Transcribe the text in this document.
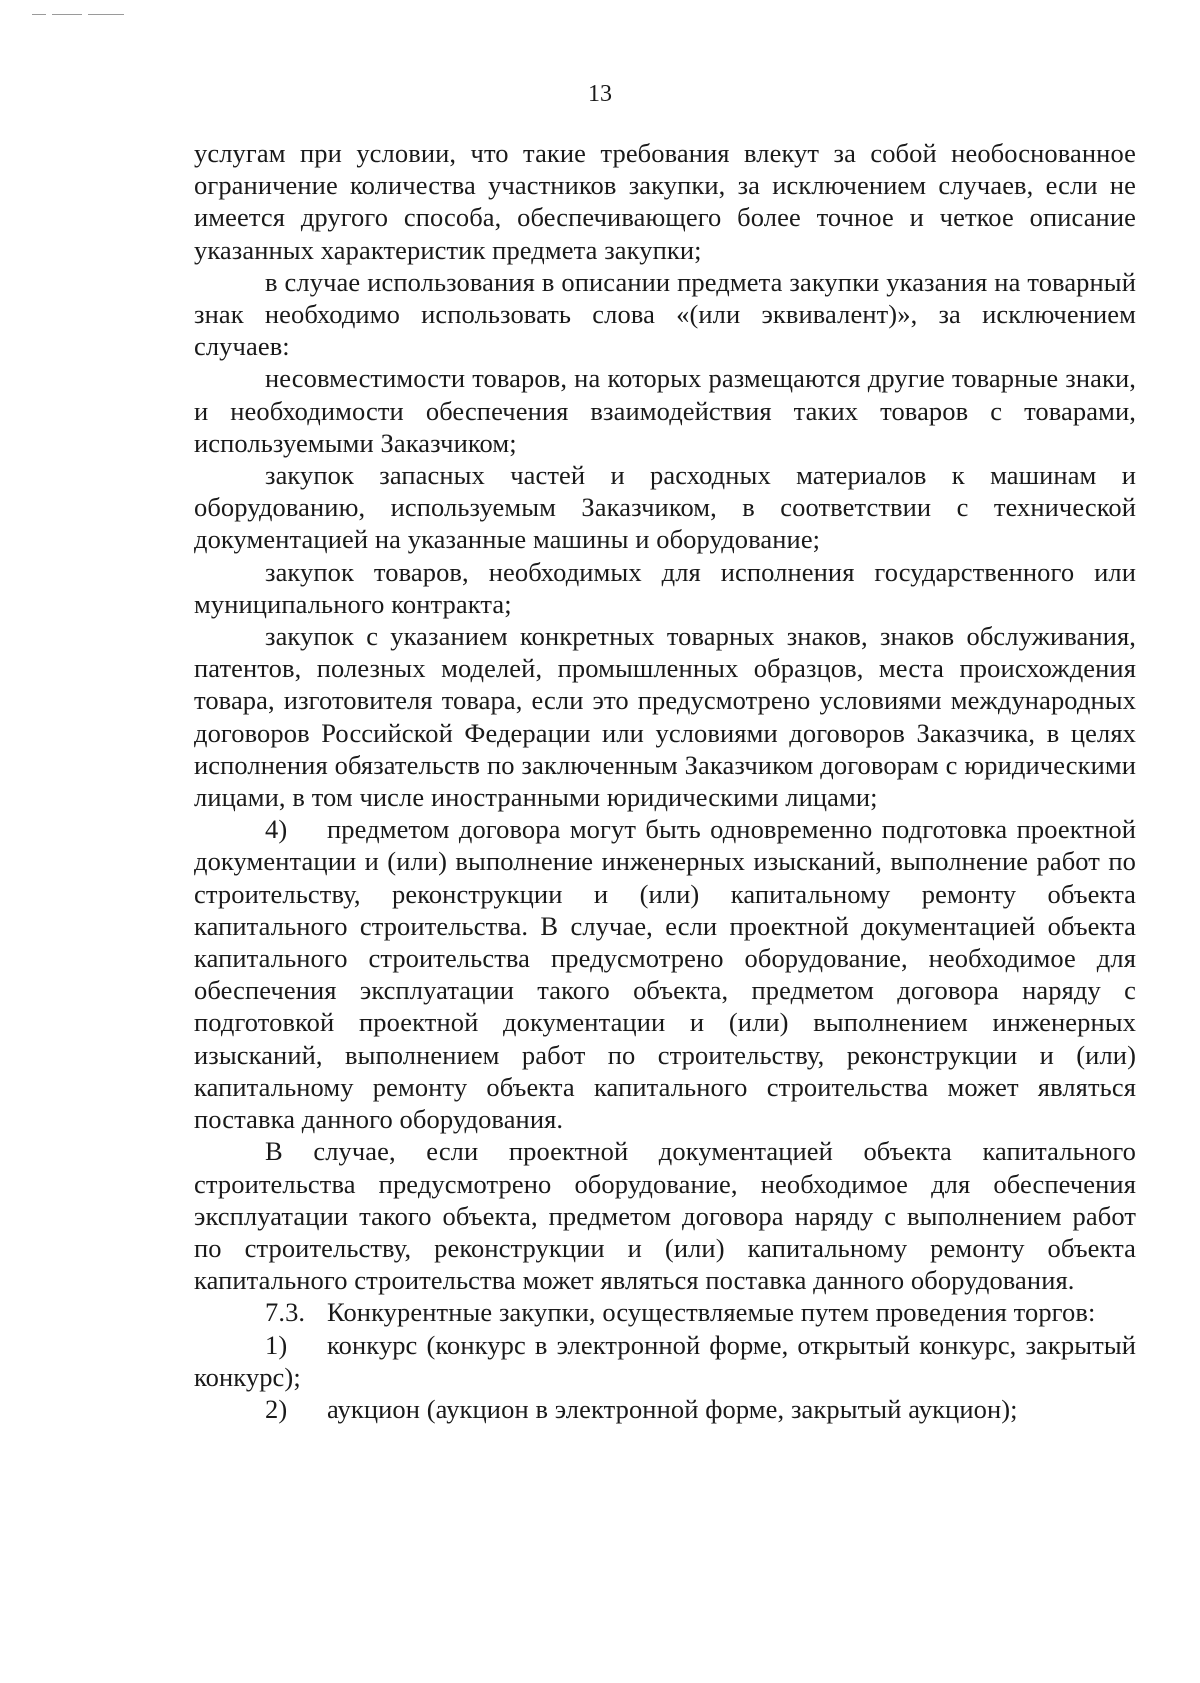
13

услугам при условии, что такие требования влекут за собой необоснованное ограничение количества участников закупки, за исключением случаев, если не имеется другого способа, обеспечивающего более точное и четкое описание указанных характеристик предмета закупки;

в случае использования в описании предмета закупки указания на товарный знак необходимо использовать слова «(или эквивалент)», за исключением случаев:

несовместимости товаров, на которых размещаются другие товарные знаки, и необходимости обеспечения взаимодействия таких товаров с товарами, используемыми Заказчиком;

закупок запасных частей и расходных материалов к машинам и оборудованию, используемым Заказчиком, в соответствии с технической документацией на указанные машины и оборудование;

закупок товаров, необходимых для исполнения государственного или муниципального контракта;

закупок с указанием конкретных товарных знаков, знаков обслуживания, патентов, полезных моделей, промышленных образцов, места происхождения товара, изготовителя товара, если это предусмотрено условиями международных договоров Российской Федерации или условиями договоров Заказчика, в целях исполнения обязательств по заключенным Заказчиком договорам с юридическими лицами, в том числе иностранными юридическими лицами;

4) предметом договора могут быть одновременно подготовка проектной документации и (или) выполнение инженерных изысканий, выполнение работ по строительству, реконструкции и (или) капитальному ремонту объекта капитального строительства. В случае, если проектной документацией объекта капитального строительства предусмотрено оборудование, необходимое для обеспечения эксплуатации такого объекта, предметом договора наряду с подготовкой проектной документации и (или) выполнением инженерных изысканий, выполнением работ по строительству, реконструкции и (или) капитальному ремонту объекта капитального строительства может являться поставка данного оборудования.

В случае, если проектной документацией объекта капитального строительства предусмотрено оборудование, необходимое для обеспечения эксплуатации такого объекта, предметом договора наряду с выполнением работ по строительству, реконструкции и (или) капитальному ремонту объекта капитального строительства может являться поставка данного оборудования.

7.3. Конкурентные закупки, осуществляемые путем проведения торгов:

1) конкурс (конкурс в электронной форме, открытый конкурс, закрытый конкурс);

2) аукцион (аукцион в электронной форме, закрытый аукцион);
